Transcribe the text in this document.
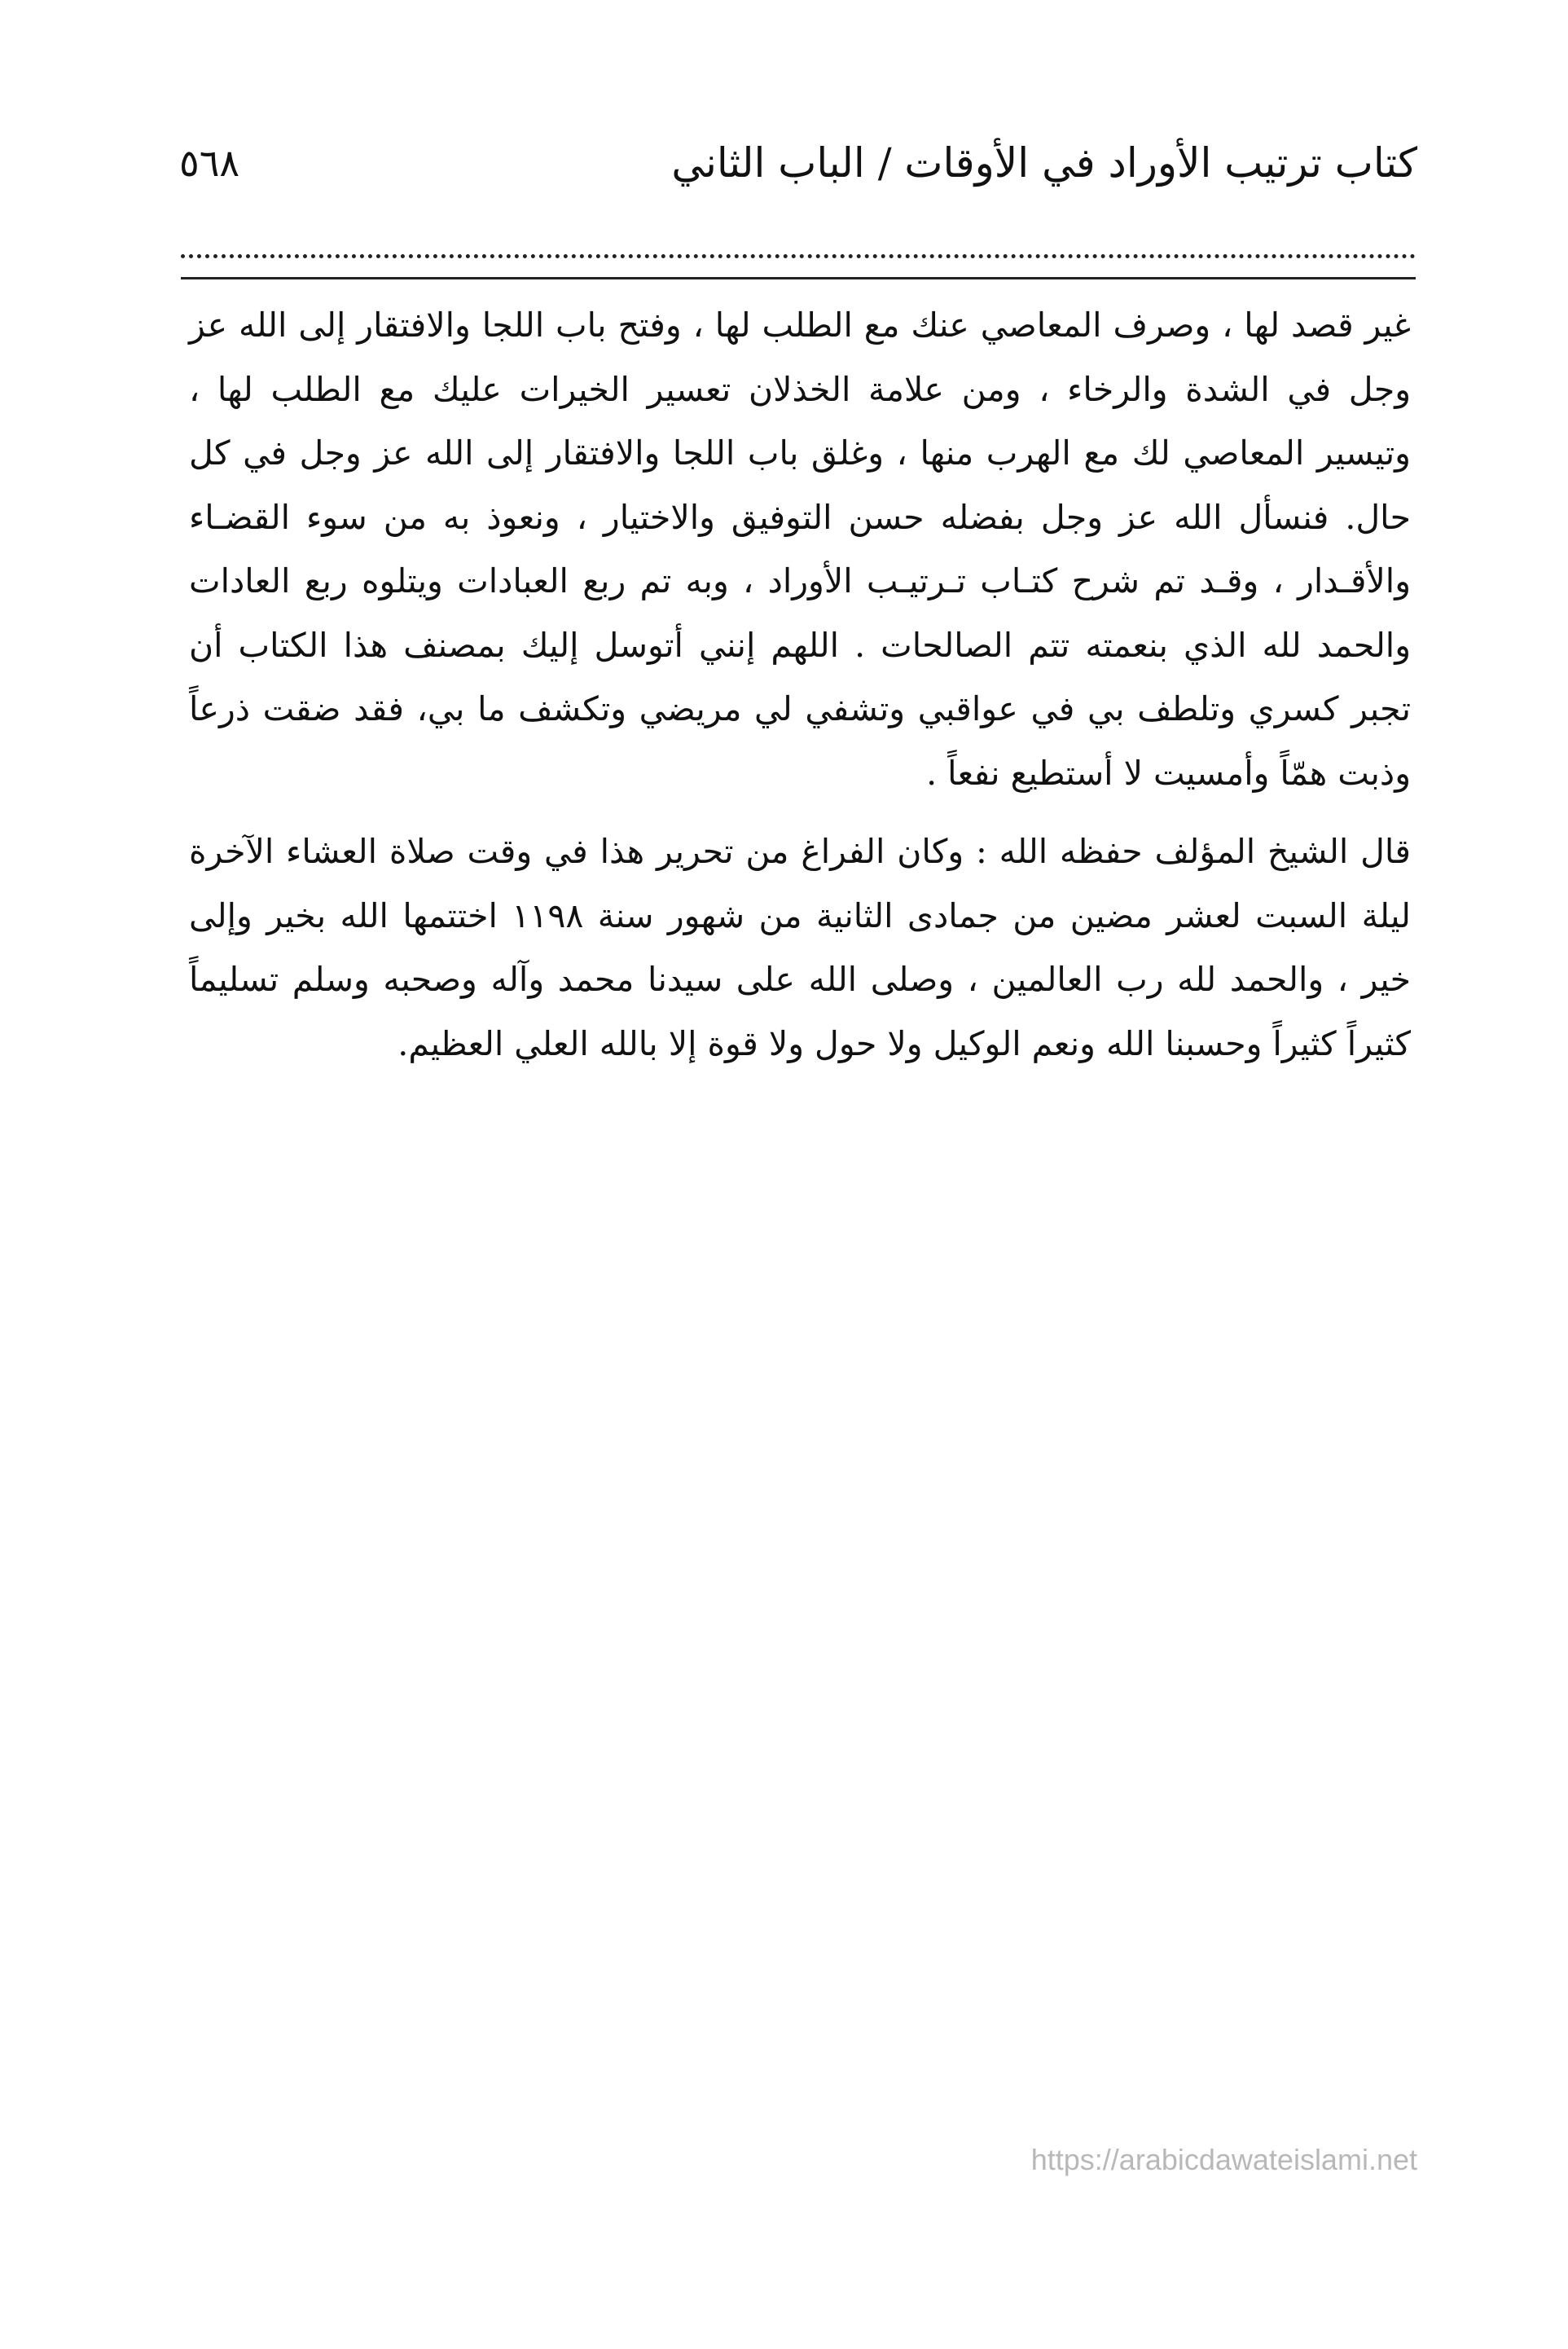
كتاب ترتيب الأوراد في الأوقات / الباب الثاني
٥٦٨

غير قصد لها ، وصرف المعاصي عنك مع الطلب لها ، وفتح باب اللجا والافتقار إلى الله عز وجل في الشدة والرخاء ، ومن علامة الخذلان تعسير الخيرات عليك مع الطلب لها ، وتيسير المعاصي لك مع الهرب منها ، وغلق باب اللجا والافتقار إلى الله عز وجل في كل حال. فنسأل الله عز وجل بفضله حسن التوفيق والاختيار ، ونعوذ به من سوء القضـاء والأقـدار ، وقـد تم شرح كتـاب تـرتيـب الأوراد ، وبه تم ربع العبادات ويتلوه ربع العادات والحمد لله الذي بنعمته تتم الصالحات . اللهم إنني أتوسل إليك بمصنف هذا الكتاب أن تجبر كسري وتلطف بي في عواقبي وتشفي لي مريضي وتكشف ما بي، فقد ضقت ذرعاً وذبت همّاً وأمسيت لا أستطيع نفعاً .

قال الشيخ المؤلف حفظه الله : وكان الفراغ من تحرير هذا في وقت صلاة العشاء الآخرة ليلة السبت لعشر مضين من جمادى الثانية من شهور سنة ١١٩٨ اختتمها الله بخير وإلى خير ، والحمد لله رب العالمين ، وصلى الله على سيدنا محمد وآله وصحبه وسلم تسليماً كثيراً كثيراً وحسبنا الله ونعم الوكيل ولا حول ولا قوة إلا بالله العلي العظيم.

https://arabicdawateislami.net
